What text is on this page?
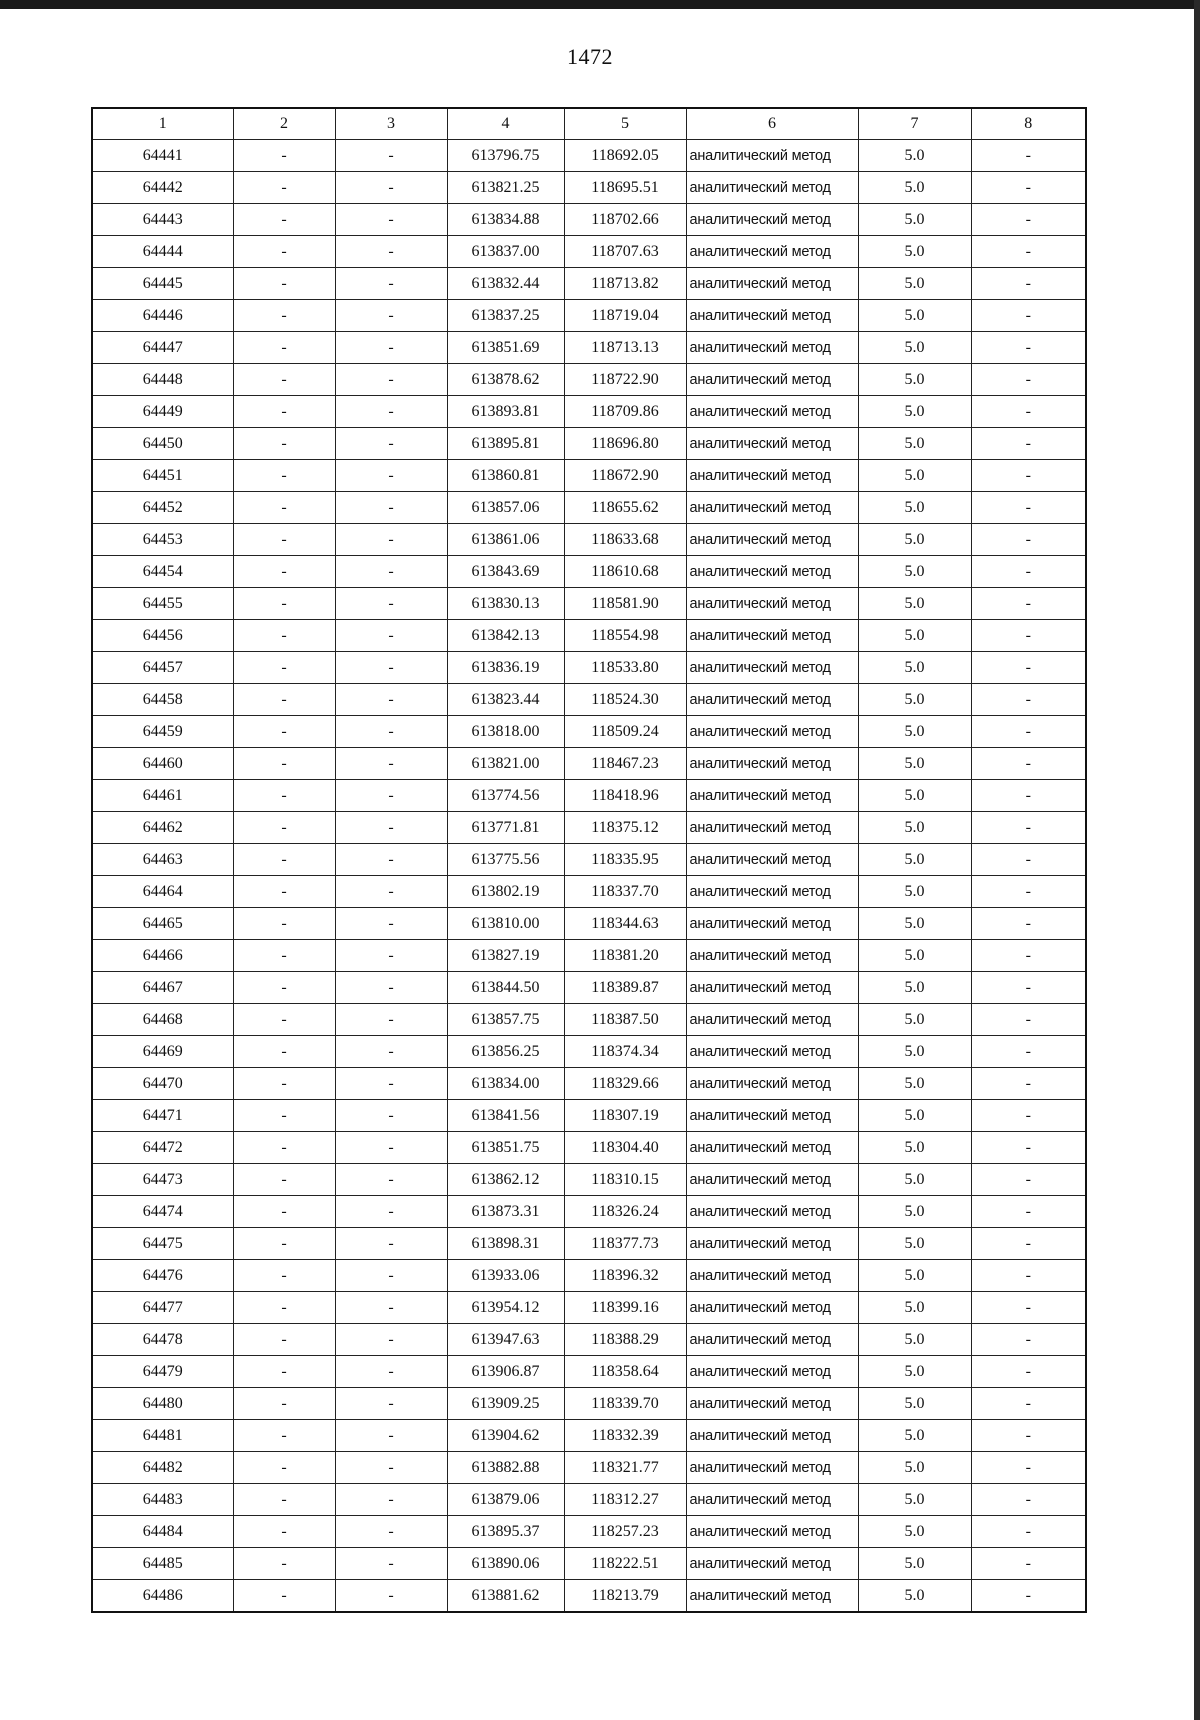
1472
1	2	3	4	5	6	7	8
64441	-	-	613796.75	118692.05	аналитический метод	5.0	-
64442	-	-	613821.25	118695.51	аналитический метод	5.0	-
64443	-	-	613834.88	118702.66	аналитический метод	5.0	-
64444	-	-	613837.00	118707.63	аналитический метод	5.0	-
64445	-	-	613832.44	118713.82	аналитический метод	5.0	-
64446	-	-	613837.25	118719.04	аналитический метод	5.0	-
64447	-	-	613851.69	118713.13	аналитический метод	5.0	-
64448	-	-	613878.62	118722.90	аналитический метод	5.0	-
64449	-	-	613893.81	118709.86	аналитический метод	5.0	-
64450	-	-	613895.81	118696.80	аналитический метод	5.0	-
64451	-	-	613860.81	118672.90	аналитический метод	5.0	-
64452	-	-	613857.06	118655.62	аналитический метод	5.0	-
64453	-	-	613861.06	118633.68	аналитический метод	5.0	-
64454	-	-	613843.69	118610.68	аналитический метод	5.0	-
64455	-	-	613830.13	118581.90	аналитический метод	5.0	-
64456	-	-	613842.13	118554.98	аналитический метод	5.0	-
64457	-	-	613836.19	118533.80	аналитический метод	5.0	-
64458	-	-	613823.44	118524.30	аналитический метод	5.0	-
64459	-	-	613818.00	118509.24	аналитический метод	5.0	-
64460	-	-	613821.00	118467.23	аналитический метод	5.0	-
64461	-	-	613774.56	118418.96	аналитический метод	5.0	-
64462	-	-	613771.81	118375.12	аналитический метод	5.0	-
64463	-	-	613775.56	118335.95	аналитический метод	5.0	-
64464	-	-	613802.19	118337.70	аналитический метод	5.0	-
64465	-	-	613810.00	118344.63	аналитический метод	5.0	-
64466	-	-	613827.19	118381.20	аналитический метод	5.0	-
64467	-	-	613844.50	118389.87	аналитический метод	5.0	-
64468	-	-	613857.75	118387.50	аналитический метод	5.0	-
64469	-	-	613856.25	118374.34	аналитический метод	5.0	-
64470	-	-	613834.00	118329.66	аналитический метод	5.0	-
64471	-	-	613841.56	118307.19	аналитический метод	5.0	-
64472	-	-	613851.75	118304.40	аналитический метод	5.0	-
64473	-	-	613862.12	118310.15	аналитический метод	5.0	-
64474	-	-	613873.31	118326.24	аналитический метод	5.0	-
64475	-	-	613898.31	118377.73	аналитический метод	5.0	-
64476	-	-	613933.06	118396.32	аналитический метод	5.0	-
64477	-	-	613954.12	118399.16	аналитический метод	5.0	-
64478	-	-	613947.63	118388.29	аналитический метод	5.0	-
64479	-	-	613906.87	118358.64	аналитический метод	5.0	-
64480	-	-	613909.25	118339.70	аналитический метод	5.0	-
64481	-	-	613904.62	118332.39	аналитический метод	5.0	-
64482	-	-	613882.88	118321.77	аналитический метод	5.0	-
64483	-	-	613879.06	118312.27	аналитический метод	5.0	-
64484	-	-	613895.37	118257.23	аналитический метод	5.0	-
64485	-	-	613890.06	118222.51	аналитический метод	5.0	-
64486	-	-	613881.62	118213.79	аналитический метод	5.0	-
